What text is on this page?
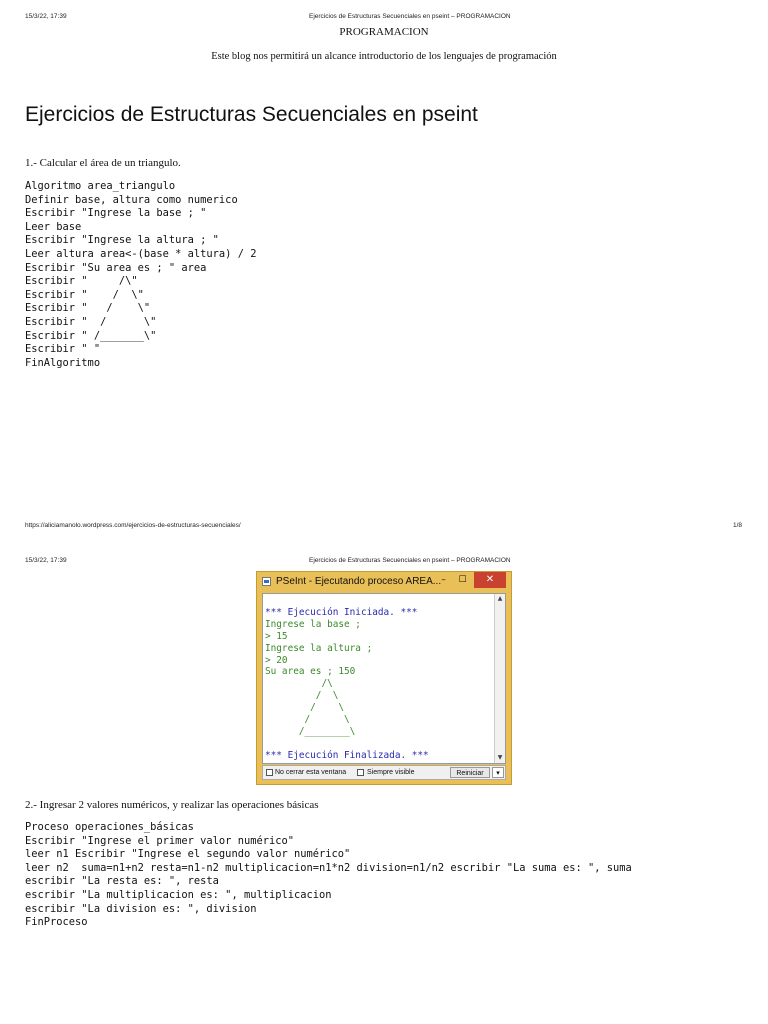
15/3/22, 17:39	Ejercicios de Estructuras Secuenciales en pseint – PROGRAMACION
PROGRAMACION
Este blog nos permitirá un alcance introductorio de los lenguajes de programación
Ejercicios de Estructuras Secuenciales en pseint
1.- Calcular el área de un triangulo.
Algoritmo area_triangulo
Definir base, altura como numerico
Escribir "Ingrese la base ; "
Leer base
Escribir "Ingrese la altura ; "
Leer altura area<-(base * altura) / 2
Escribir "Su area es ; " area
Escribir "     /\"
Escribir "    /  \"
Escribir "   /    \"
Escribir "  /      \"
Escribir " /_______\"
Escribir " "
FinAlgoritmo
https://aliciamanolo.wordpress.com/ejercicios-de-estructuras-secuenciales/	1/8
15/3/22, 17:39	Ejercicios de Estructuras Secuenciales en pseint – PROGRAMACION
PSeInt - Ejecutando proceso AREA... –	☐	✕

*** Ejecución Iniciada. ***
Ingrese la base ;
> 15
Ingrese la altura ;
> 20
Su area es ; 150
/\
/  \
/    \
/      \
/________\

*** Ejecución Finalizada. ***
▲
▼
No cerrar esta ventana	Siempre visible	Reiniciar	▾
2.- Ingresar 2 valores numéricos, y realizar las operaciones básicas
Proceso operaciones_básicas
Escribir "Ingrese el primer valor numérico"
leer n1 Escribir "Ingrese el segundo valor numérico"
leer n2  suma=n1+n2 resta=n1-n2 multiplicacion=n1*n2 division=n1/n2 escribir "La suma es: ", suma
escribir "La resta es: ", resta
escribir "La multiplicacion es: ", multiplicacion
escribir "La division es: ", division
FinProceso
